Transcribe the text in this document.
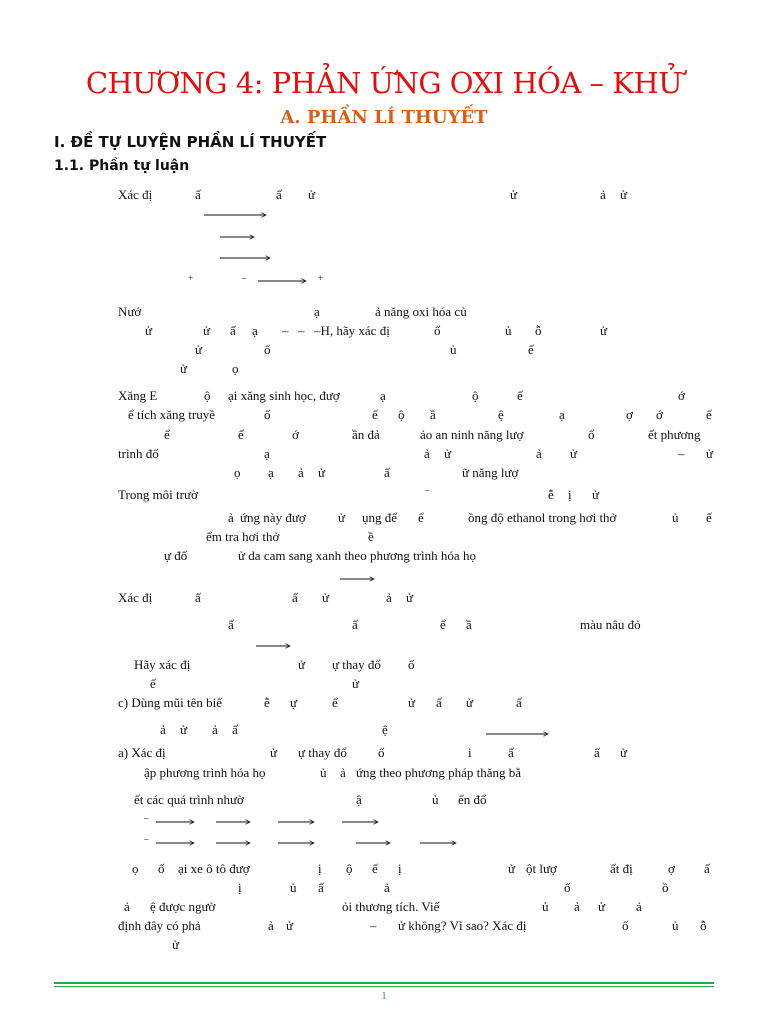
CHƯƠNG 4: PHẢN ỨNG OXI HÓA – KHỬ
A. PHẦN LÍ THUYẾT
I. ĐỀ TỰ LUYỆN PHẦN LÍ THUYẾT
1.1. Phần tự luận
Xác đị	ấ	ấ ử	ử	ả ử
+	–	+
Nướ	ạ	ả năng oxi hóa củ
ử	ử ấ ạ – – –H, hãy xác đị	ố	ủ ỗ	ử
ử	ố	ủ	ế
ử	ọ
Xăng E	ộ ại xăng sinh học, đượ	ạ	ộ	ế	ớ
ể tích xăng truyề	ố	ế ộ ầ	ệ	ạ	ợ ớ	ế
ể	ế	ớ	ần đả	ảo an ninh năng lượ	ố	ết phương
trình đố	ạ	ả ử	ả ử	– ử
ọ ạ ả ử	ấ	ữ năng lượ
Trong môi trườ	–	ễ ị ử
ả ứng này đượ ử ụng để ể	ồng độ ethanol trong hơi thở	ủ ế
ểm tra hơi thở	ề
ự đổ	ử da cam sang xanh theo phương trình hóa họ
Xác đị	ấ	ấ ử	ả ử
ấ	ấ	ể ầ	màu nâu đỏ
Hãy xác đị	ử ự thay đổ ố
ế	ử
c) Dùng mũi tên biể	ễ ự	ể	ử ấ ử	ấ
ả ử ả ấ	ệ
a) Xác đị	ử ự thay đổ ố	i	ấ	ấ ử
ập phương trình hóa họ	ủ ả ứng theo phương pháp thăng bằ
ết các quá trình nhườ	ậ	ủ ến đổ
–
–
ọ ố ại xe ô tô đượ	ị ộ ế ị	ử ột lượ	ất đị	ợ ấ
ị	ủ ấ	ả	ố	ồ
ả ệ được ngườ	ỏi thương tích. Viế	ủ ả ử ả
định đây có phả	ả ử	– ử không? Vì sao? Xác đị	ố	ủ ỗ
ử
1
